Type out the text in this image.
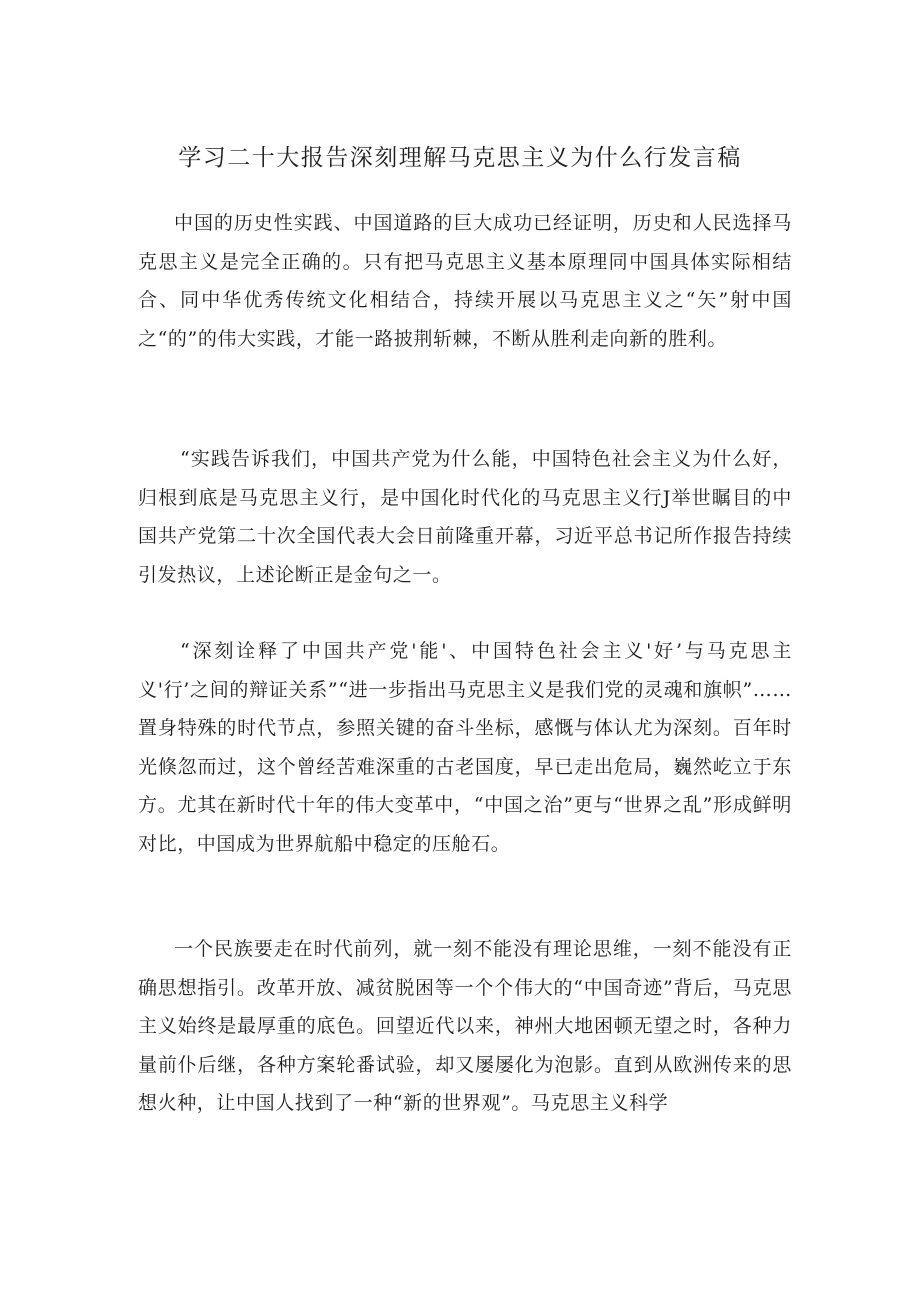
学习二十大报告深刻理解马克思主义为什么行发言稿

中国的历史性实践、中国道路的巨大成功已经证明，历史和人民选择马克思主义是完全正确的。只有把马克思主义基本原理同中国具体实际相结合、同中华优秀传统文化相结合，持续开展以马克思主义之“矢”射中国之“的”的伟大实践，才能一路披荆斩棘，不断从胜利走向新的胜利。

“实践告诉我们，中国共产党为什么能，中国特色社会主义为什么好，归根到底是马克思主义行，是中国化时代化的马克思主义行J举世瞩目的中国共产党第二十次全国代表大会日前隆重开幕，习近平总书记所作报告持续引发热议，上述论断正是金句之一。

“深刻诠释了中国共产党'能'、中国特色社会主义'好’与马克思主义'行’之间的辩证关系”“进一步指出马克思主义是我们党的灵魂和旗帜”……置身特殊的时代节点，参照关键的奋斗坐标，感慨与体认尤为深刻。百年时光倏忽而过，这个曾经苦难深重的古老国度，早已走出危局，巍然屹立于东方。尤其在新时代十年的伟大变革中，“中国之治”更与“世界之乱”形成鲜明对比，中国成为世界航船中稳定的压舱石。

一个民族要走在时代前列，就一刻不能没有理论思维，一刻不能没有正确思想指引。改革开放、减贫脱困等一个个伟大的“中国奇迹”背后，马克思主义始终是最厚重的底色。回望近代以来，神州大地困顿无望之时，各种力量前仆后继，各种方案轮番试验，却又屡屡化为泡影。直到从欧洲传来的思想火种，让中国人找到了一种“新的世界观”。马克思主义科学
